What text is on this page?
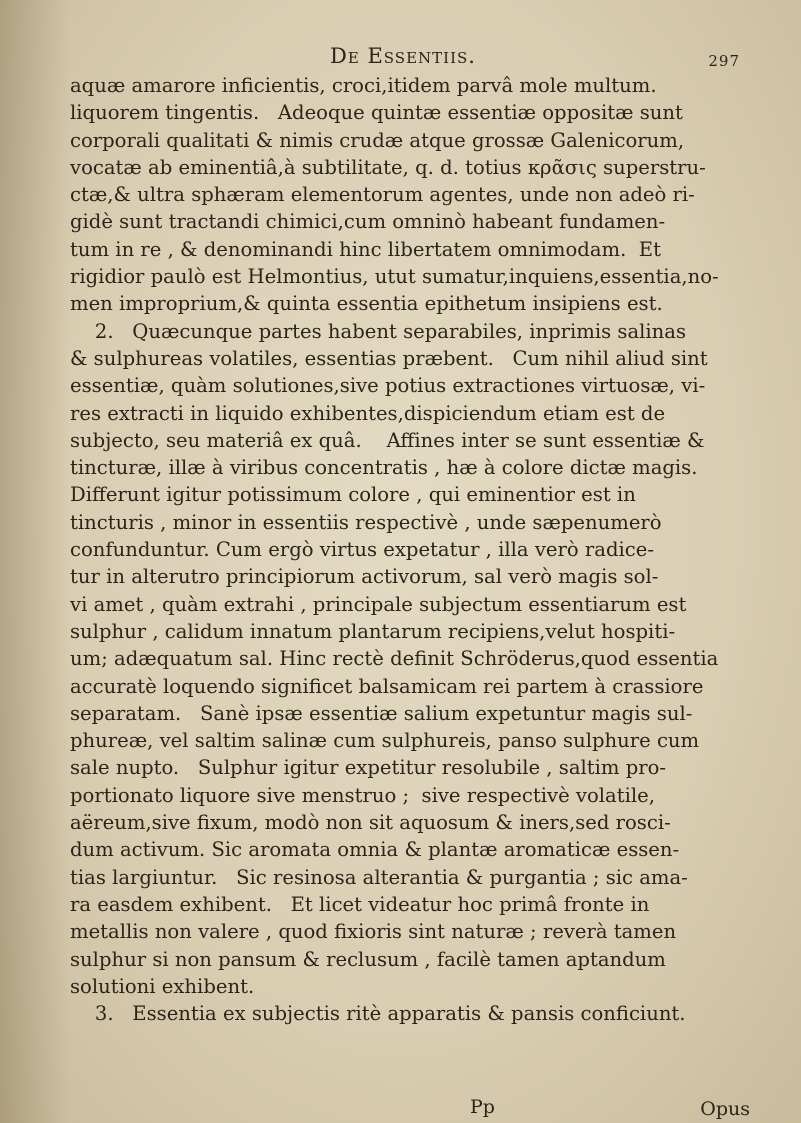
De Essentiis.	297
aquæ amarore inficientis, croci,itidem parvâ mole multum.
liquorem tingentis.   Adeoque quintæ essentiæ oppositæ sunt
corporali qualitati & nimis crudæ atque grossæ Galenicorum,
vocatæ ab eminentiâ,à subtilitate, q. d. totius κρᾶσις superstru-
ctæ,& ultra sphæram elementorum agentes, unde non adeò ri-
gidè sunt tractandi chimici,cum omninò habeant fundamen-
tum in re , & denominandi hinc libertatem omnimodam.  Et
rigidior paulò est Helmontius, utut sumatur,inquiens,essentia,no-
men improprium,& quinta essentia epithetum insipiens est.
2.   Quæcunque partes habent separabiles, inprimis salinas
& sulphureas volatiles, essentias præbent.   Cum nihil aliud sint
essentiæ, quàm solutiones,sive potius extractiones virtuosæ, vi-
res extracti in liquido exhibentes,dispiciendum etiam est de
subjecto, seu materiâ ex quâ.    Affines inter se sunt essentiæ &
tincturæ, illæ à viribus concentratis , hæ à colore dictæ magis.
Differunt igitur potissimum colore , qui eminentior est in
tincturis , minor in essentiis respectivè , unde sæpenumerò
confunduntur. Cum ergò virtus expetatur , illa verò radice-
tur in alterutro principiorum activorum, sal verò magis sol-
vi amet , quàm extrahi , principale subjectum essentiarum est
sulphur , calidum innatum plantarum recipiens,velut hospiti-
um; adæquatum sal. Hinc rectè definit Schröderus,quod essentia
accuratè loquendo significet balsamicam rei partem à crassiore
separatam.   Sanè ipsæ essentiæ salium expetuntur magis sul-
phureæ, vel saltim salinæ cum sulphureis, panso sulphure cum
sale nupto.   Sulphur igitur expetitur resolubile , saltim pro-
portionato liquore sive menstruo ;  sive respectivè volatile,
aëreum,sive fixum, modò non sit aquosum & iners,sed rosci-
dum activum. Sic aromata omnia & plantæ aromaticæ essen-
tias largiuntur.   Sic resinosa alterantia & purgantia ; sic ama-
ra easdem exhibent.   Et licet videatur hoc primâ fronte in
metallis non valere , quod fixioris sint naturæ ; reverà tamen
sulphur si non pansum & reclusum , facilè tamen aptandum
solutioni exhibent.
3.   Essentia ex subjectis ritè apparatis & pansis conficiunt.
Pp	Opus
